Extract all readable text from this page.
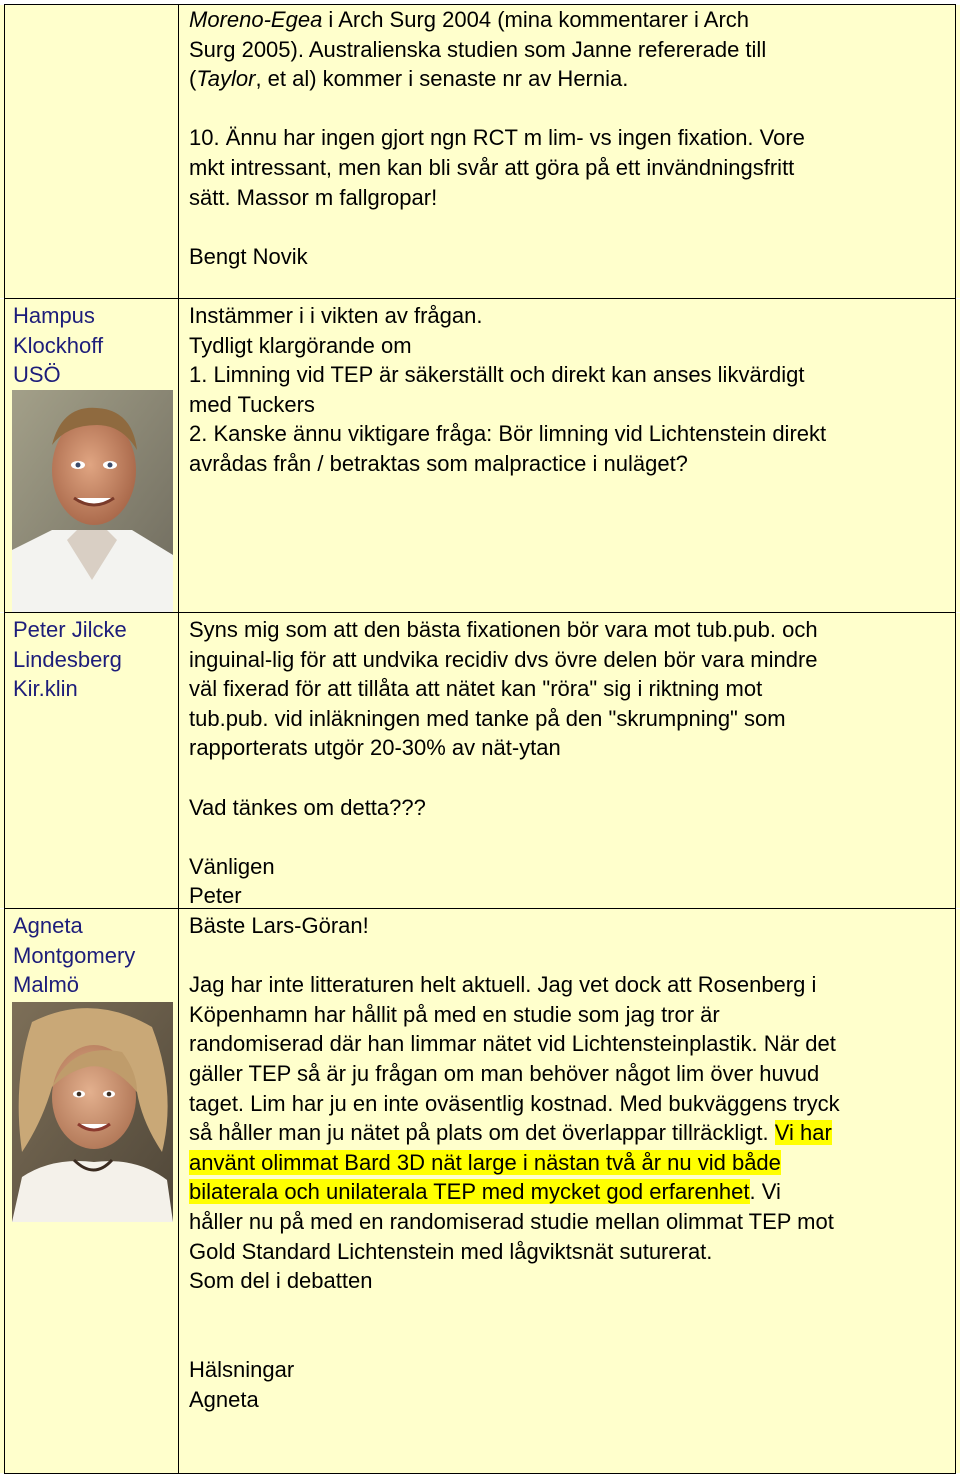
Moreno-Egea i Arch Surg 2004 (mina kommentarer i Arch

Surg 2005). Australienska studien som Janne refererade till

(Taylor, et al) kommer i senaste nr av Hernia.

10. Ännu har ingen gjort ngn RCT m lim- vs ingen fixation. Vore

mkt intressant, men kan bli svår att göra på ett invändningsfritt

sätt. Massor m fallgropar!

Bengt Novik

Hampus
Klockhoff
USÖ

Instämmer i i vikten av frågan.

Tydligt klargörande om

1. Limning vid TEP är säkerställt och direkt kan anses likvärdigt

med Tuckers

2. Kanske ännu viktigare fråga: Bör limning vid Lichtenstein direkt

avrådas från / betraktas som malpractice i nuläget?

Peter Jilcke
Lindesberg
Kir.klin

Syns mig som att den bästa fixationen bör vara mot tub.pub. och

inguinal-lig för att undvika recidiv dvs övre delen bör vara mindre

väl fixerad för att tillåta att nätet kan "röra" sig i riktning mot

tub.pub. vid inläkningen med tanke på den "skrumpning" som

rapporterats utgör 20-30% av nät-ytan

Vad tänkes om detta???

Vänligen

Peter

Agneta
Montgomery
Malmö

Bäste Lars-Göran!

Jag har inte litteraturen helt aktuell. Jag vet dock att Rosenberg i

Köpenhamn har hållit på med en studie som jag tror är

randomiserad där han limmar nätet vid Lichtensteinplastik. När det

gäller TEP så är ju frågan om man behöver något lim över huvud

taget. Lim har ju en inte oväsentlig kostnad. Med bukväggens tryck

så håller man ju nätet på plats om det överlappar tillräckligt. Vi har

använt olimmat Bard 3D nät large i nästan två år nu vid både

bilaterala och unilaterala TEP med mycket god erfarenhet. Vi

håller nu på med en randomiserad studie mellan olimmat TEP mot

Gold Standard Lichtenstein med lågviktsnät suturerat.

Som del i debatten

Hälsningar

Agneta
